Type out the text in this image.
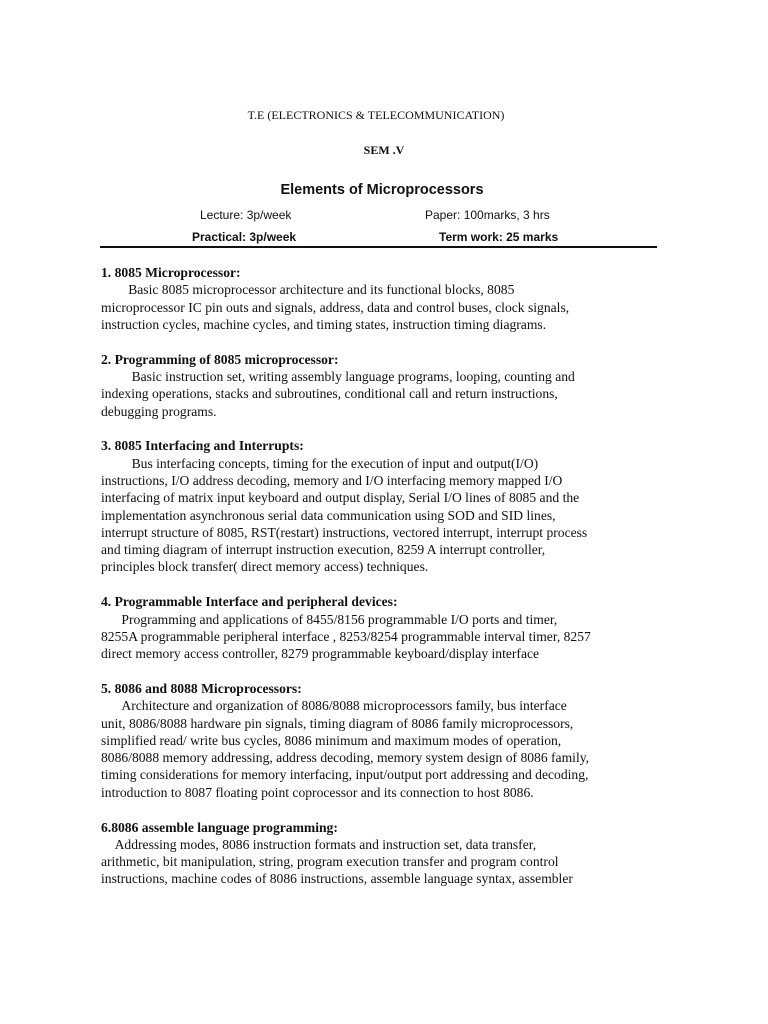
T.E (ELECTRONICS & TELECOMMUNICATION)
SEM .V
Elements of Microprocessors
Lecture: 3p/week	Paper: 100marks, 3 hrs
Practical: 3p/week	Term work: 25 marks
1. 8085 Microprocessor:
Basic 8085 microprocessor architecture and its functional blocks, 8085
microprocessor IC pin outs and signals, address, data and control buses, clock signals,
instruction cycles, machine cycles, and timing states, instruction timing diagrams.
2. Programming of 8085 microprocessor:
Basic instruction set, writing assembly language programs, looping, counting and
indexing operations, stacks and subroutines, conditional call and return instructions,
debugging programs.
3. 8085 Interfacing and Interrupts:
Bus interfacing concepts, timing for the execution of input and output(I/O)
instructions, I/O address decoding, memory and I/O interfacing memory mapped I/O
interfacing of matrix input keyboard and output display, Serial I/O lines of 8085 and the
implementation asynchronous serial data communication using SOD and SID lines,
interrupt structure of 8085, RST(restart) instructions, vectored interrupt, interrupt process
and timing diagram of interrupt instruction execution, 8259 A interrupt controller,
principles block transfer( direct memory access) techniques.
4. Programmable Interface and peripheral devices:
Programming and applications of 8455/8156 programmable I/O ports and timer,
8255A programmable peripheral interface , 8253/8254 programmable interval timer, 8257
direct memory access controller, 8279 programmable keyboard/display interface
5. 8086 and 8088 Microprocessors:
Architecture and organization of 8086/8088 microprocessors family, bus interface
unit, 8086/8088 hardware pin signals, timing diagram of 8086 family microprocessors,
simplified read/ write bus cycles, 8086 minimum and maximum modes of operation,
8086/8088 memory addressing, address decoding, memory system design of 8086 family,
timing considerations for memory interfacing, input/output port addressing and decoding,
introduction to 8087 floating point coprocessor and its connection to host 8086.
6.8086 assemble language programming:
Addressing modes, 8086 instruction formats and instruction set, data transfer,
arithmetic, bit manipulation, string, program execution transfer and program control
instructions, machine codes of 8086 instructions, assemble language syntax, assembler
